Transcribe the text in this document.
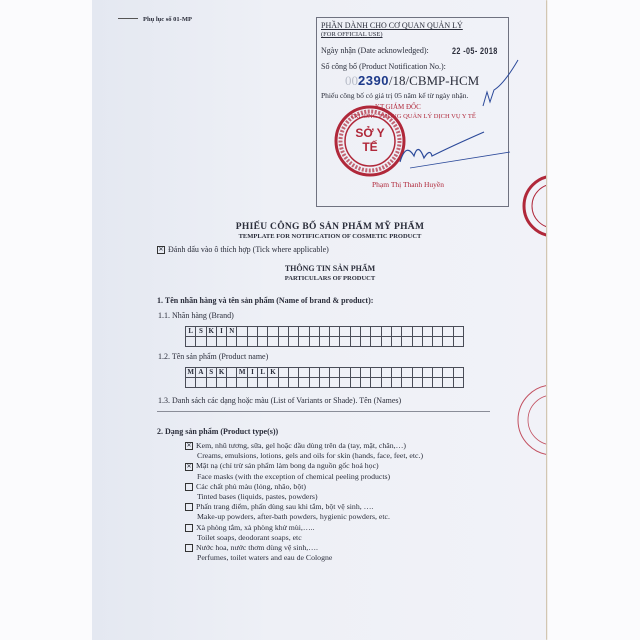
Phụ lục số 01-MP
PHẦN DÀNH CHO CƠ QUAN QUẢN LÝ
(FOR OFFICIAL USE)
Ngày nhận (Date acknowledged):	22 -05- 2018
Số công bố (Product Notification No.):
002390/18/CBMP-HCM
Phiếu công bố có giá trị 05 năm kể từ ngày nhận.
KT.GIÁM ĐỐC
TRƯỞNG PHÒNG QUẢN LÝ DỊCH VỤ Y TẾ
Phạm Thị Thanh Huyền
SỞ Y TẾ
PHIẾU CÔNG BỐ SẢN PHẨM MỸ PHẨM
TEMPLATE FOR NOTIFICATION OF COSMETIC PRODUCT
✕ Đánh dấu vào ô thích hợp (Tick where applicable)
THÔNG TIN SẢN PHẨM
PARTICULARS OF PRODUCT
1. Tên nhãn hàng và tên sản phẩm (Name of brand & product):
1.1. Nhãn hàng (Brand)
L	S	K	I	N																						

1.2. Tên sản phẩm (Product name)
M	A	S	K		M	I	L	K																		

1.3. Danh sách các dạng hoặc màu (List of Variants or Shade). Tên (Names)
2. Dạng sản phẩm (Product type(s))
✕ Kem, nhũ tương, sữa, gel hoặc dầu dùng trên da (tay, mặt, chân,…)
Creams, emulsions, lotions, gels and oils for skin (hands, face, feet, etc.)
✕ Mặt nạ (chỉ trừ sản phẩm làm bong da nguồn gốc hoá học)
Face masks (with the exception of chemical peeling products)
Các chất phủ màu (lỏng, nhão, bột)
Tinted bases (liquids, pastes, powders)
Phấn trang điểm, phấn dùng sau khi tắm, bột vệ sinh, ….
Make-up powders, after-bath powders, hygienic powders, etc.
Xà phòng tắm, xà phòng khử mùi,…..
Toilet soaps, deodorant soaps, etc
Nước hoa, nước thơm dùng vệ sinh,….
Perfumes, toilet waters and eau de Cologne
